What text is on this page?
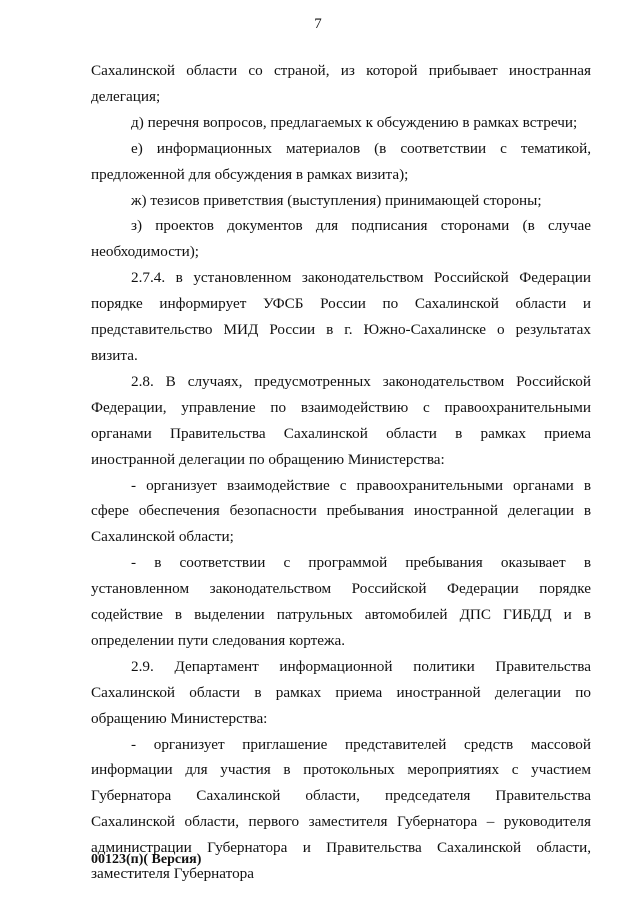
7

Сахалинской области со страной, из которой прибывает иностранная делегация;

д) перечня вопросов, предлагаемых к обсуждению в рамках встречи;

е) информационных материалов (в соответствии с тематикой, предложенной для обсуждения в рамках визита);

ж) тезисов приветствия (выступления) принимающей стороны;

з) проектов документов для подписания сторонами (в случае необходимости);

2.7.4. в установленном законодательством Российской Федерации порядке информирует УФСБ России по Сахалинской области и представительство МИД России в г. Южно-Сахалинске о результатах визита.

2.8. В случаях, предусмотренных законодательством Российской Федерации, управление по взаимодействию с правоохранительными органами Правительства Сахалинской области в рамках приема иностранной делегации по обращению Министерства:

- организует взаимодействие с правоохранительными органами в сфере обеспечения безопасности пребывания иностранной делегации в Сахалинской области;

- в соответствии с программой пребывания оказывает в установленном законодательством Российской Федерации порядке содействие в выделении патрульных автомобилей ДПС ГИБДД и в определении пути следования кортежа.

2.9. Департамент информационной политики Правительства Сахалинской области в рамках приема иностранной делегации по обращению Министерства:

- организует приглашение представителей средств массовой информации для участия в протокольных мероприятиях с участием Губернатора Сахалинской области, председателя Правительства Сахалинской области, первого заместителя Губернатора – руководителя администрации Губернатора и Правительства Сахалинской области, заместителя Губернатора

00123(п)( Версия)
